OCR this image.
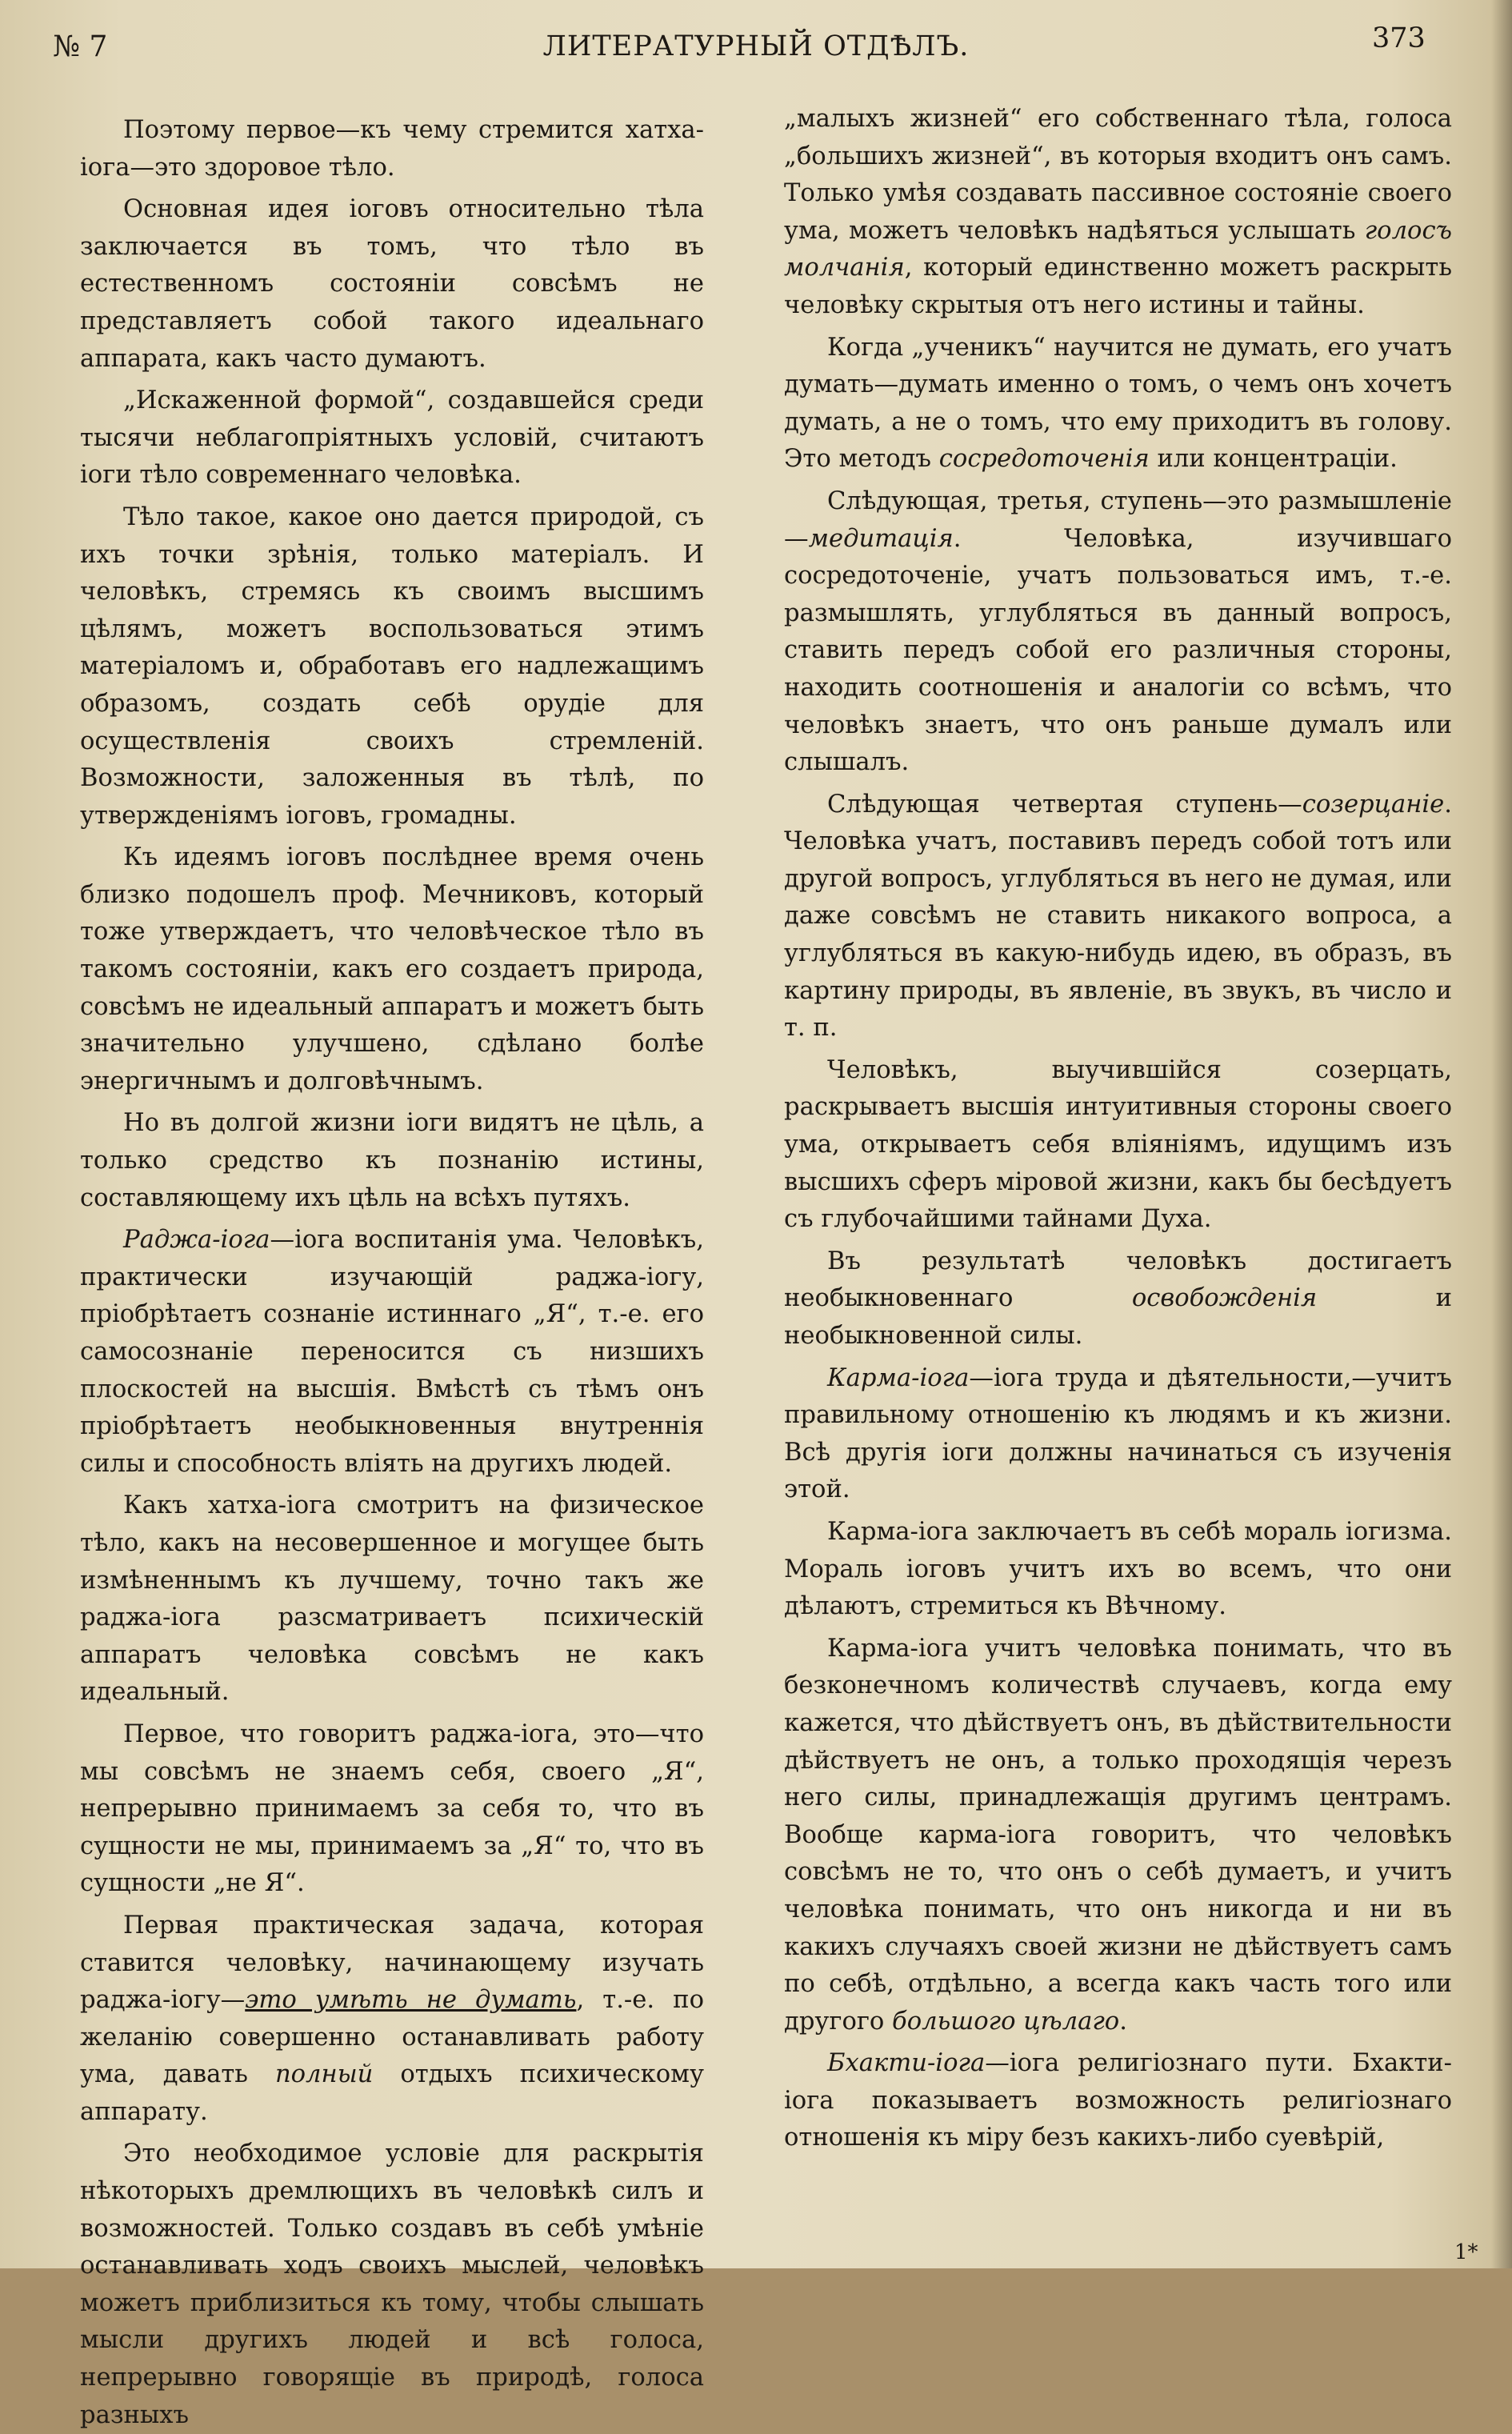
№ 7	ЛИТЕРАТУРНЫЙ ОТДѢЛЪ.	373

Поэтому первое—къ чему стремится хатха-іога—это здоровое тѣло.

Основная идея іоговъ относительно тѣла заключается въ томъ, что тѣло въ естественномъ состояніи совсѣмъ не представляетъ собой такого идеальнаго аппарата, какъ часто думаютъ.

„Искаженной формой“, создавшейся среди тысячи неблагопріятныхъ условій, считаютъ іоги тѣло современнаго человѣка.

Тѣло такое, какое оно дается природой, съ ихъ точки зрѣнія, только матеріалъ. И человѣкъ, стремясь къ своимъ высшимъ цѣлямъ, можетъ воспользоваться этимъ матеріаломъ и, обработавъ его надлежащимъ образомъ, создать себѣ орудіе для осуществленія своихъ стремленій. Возможности, заложенныя въ тѣлѣ, по утвержденіямъ іоговъ, громадны.

Къ идеямъ іоговъ послѣднее время очень близко подошелъ проф. Мечниковъ, который тоже утверждаетъ, что человѣческое тѣло въ такомъ состояніи, какъ его создаетъ природа, совсѣмъ не идеальный аппаратъ и можетъ быть значительно улучшено, сдѣлано болѣе энергичнымъ и долговѣчнымъ.

Но въ долгой жизни іоги видятъ не цѣль, а только средство къ познанію истины, составляющему ихъ цѣль на всѣхъ путяхъ.

Раджа-іога—іога воспитанія ума. Человѣкъ, практически изучающій раджа-іогу, пріобрѣтаетъ сознаніе истиннаго „Я“, т.-е. его самосознаніе переносится съ низшихъ плоскостей на высшія. Вмѣстѣ съ тѣмъ онъ пріобрѣтаетъ необыкновенныя внутреннія силы и способность вліять на другихъ людей.

Какъ хатха-іога смотритъ на физическое тѣло, какъ на несовершенное и могущее быть измѣненнымъ къ лучшему, точно такъ же раджа-іога разсматриваетъ психическій аппаратъ человѣка совсѣмъ не какъ идеальный.

Первое, что говоритъ раджа-іога, это—что мы совсѣмъ не знаемъ себя, своего „Я“, непрерывно принимаемъ за себя то, что въ сущности не мы, принимаемъ за „Я“ то, что въ сущности „не Я“.

Первая практическая задача, которая ставится человѣку, начинающему изучать раджа-іогу—это умѣть не думать, т.-е. по желанію совершенно останавливать работу ума, давать полный отдыхъ психическому аппарату.

Это необходимое условіе для раскрытія нѣкоторыхъ дремлющихъ въ человѣкѣ силъ и возможностей. Только создавъ въ себѣ умѣніе останавливать ходъ своихъ мыслей, человѣкъ можетъ приблизиться къ тому, чтобы слышать мысли другихъ людей и всѣ голоса, непрерывно говорящіе въ природѣ, голоса разныхъ

„малыхъ жизней“ его собственнаго тѣла, голоса „большихъ жизней“, въ которыя входитъ онъ самъ. Только умѣя создавать пассивное состояніе своего ума, можетъ человѣкъ надѣяться услышать голосъ молчанія, который единственно можетъ раскрыть человѣку скрытыя отъ него истины и тайны.

Когда „ученикъ“ научится не думать, его учатъ думать—думать именно о томъ, о чемъ онъ хочетъ думать, а не о томъ, что ему приходитъ въ голову. Это методъ сосредоточенія или концентраціи.

Слѣдующая, третья, ступень—это размышленіе—медитація. Человѣка, изучившаго сосредоточеніе, учатъ пользоваться имъ, т.-е. размышлять, углубляться въ данный вопросъ, ставить передъ собой его различныя стороны, находить соотношенія и аналогіи со всѣмъ, что человѣкъ знаетъ, что онъ раньше думалъ или слышалъ.

Слѣдующая четвертая ступень—созерцаніе. Человѣка учатъ, поставивъ передъ собой тотъ или другой вопросъ, углубляться въ него не думая, или даже совсѣмъ не ставить никакого вопроса, а углубляться въ какую-нибудь идею, въ образъ, въ картину природы, въ явленіе, въ звукъ, въ число и т. п.

Человѣкъ, выучившійся созерцать, раскрываетъ высшія интуитивныя стороны своего ума, открываетъ себя вліяніямъ, идущимъ изъ высшихъ сферъ міровой жизни, какъ бы бесѣдуетъ съ глубочайшими тайнами Духа.

Въ результатѣ человѣкъ достигаетъ необыкновеннаго освобожденія и необыкновенной силы.

Карма-іога—іога труда и дѣятельности,—учитъ правильному отношенію къ людямъ и къ жизни. Всѣ другія іоги должны начинаться съ изученія этой.

Карма-іога заключаетъ въ себѣ мораль іогизма. Мораль іоговъ учитъ ихъ во всемъ, что они дѣлаютъ, стремиться къ Вѣчному.

Карма-іога учитъ человѣка понимать, что въ безконечномъ количествѣ случаевъ, когда ему кажется, что дѣйствуетъ онъ, въ дѣйствительности дѣйствуетъ не онъ, а только проходящія черезъ него силы, принадлежащія другимъ центрамъ. Вообще карма-іога говоритъ, что человѣкъ совсѣмъ не то, что онъ о себѣ думаетъ, и учитъ человѣка понимать, что онъ никогда и ни въ какихъ случаяхъ своей жизни не дѣйствуетъ самъ по себѣ, отдѣльно, а всегда какъ часть того или другого большого цѣлаго.

Бхакти-іога—іога религіознаго пути. Бхакти-іога показываетъ возможность религіознаго отношенія къ міру безъ какихъ-либо суевѣрій,

1*
